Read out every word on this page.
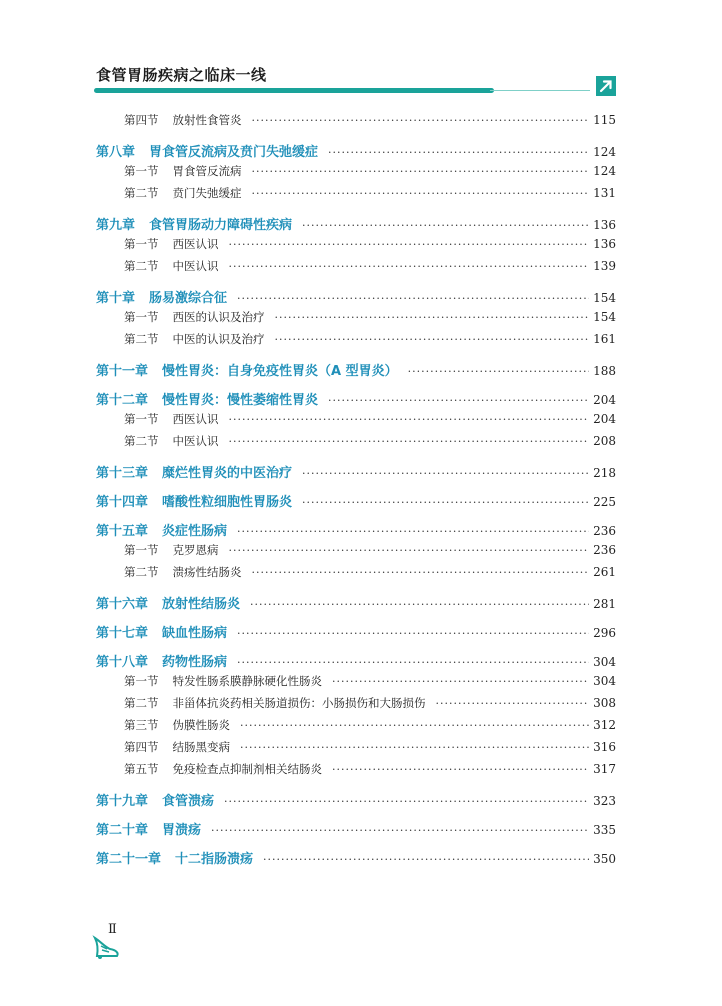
食管胃肠疾病之临床一线
第四节 放射性食管炎 ·····	115
第八章 胃食管反流病及贲门失弛缓症 ·····	124
第一节 胃食管反流病 ·····	124
第二节 贲门失弛缓症 ·····	131
第九章 食管胃肠动力障碍性疾病 ·····	136
第一节 西医认识 ·····	136
第二节 中医认识 ·····	139
第十章 肠易激综合征 ·····	154
第一节 西医的认识及治疗 ·····	154
第二节 中医的认识及治疗 ·····	161
第十一章 慢性胃炎：自身免疫性胃炎（A 型胃炎） ·····	188
第十二章 慢性胃炎：慢性萎缩性胃炎 ·····	204
第一节 西医认识 ·····	204
第二节 中医认识 ·····	208
第十三章 糜烂性胃炎的中医治疗 ·····	218
第十四章 嗜酸性粒细胞性胃肠炎 ·····	225
第十五章 炎症性肠病 ·····	236
第一节 克罗恩病 ·····	236
第二节 溃疡性结肠炎 ·····	261
第十六章 放射性结肠炎 ·····	281
第十七章 缺血性肠病 ·····	296
第十八章 药物性肠病 ·····	304
第一节 特发性肠系膜静脉硬化性肠炎 ·····	304
第二节 非甾体抗炎药相关肠道损伤：小肠损伤和大肠损伤 ·····	308
第三节 伪膜性肠炎 ·····	312
第四节 结肠黑变病 ·····	316
第五节 免疫检查点抑制剂相关结肠炎 ·····	317
第十九章 食管溃疡 ·····	323
第二十章 胃溃疡 ·····	335
第二十一章 十二指肠溃疡 ·····	350
Ⅱ
